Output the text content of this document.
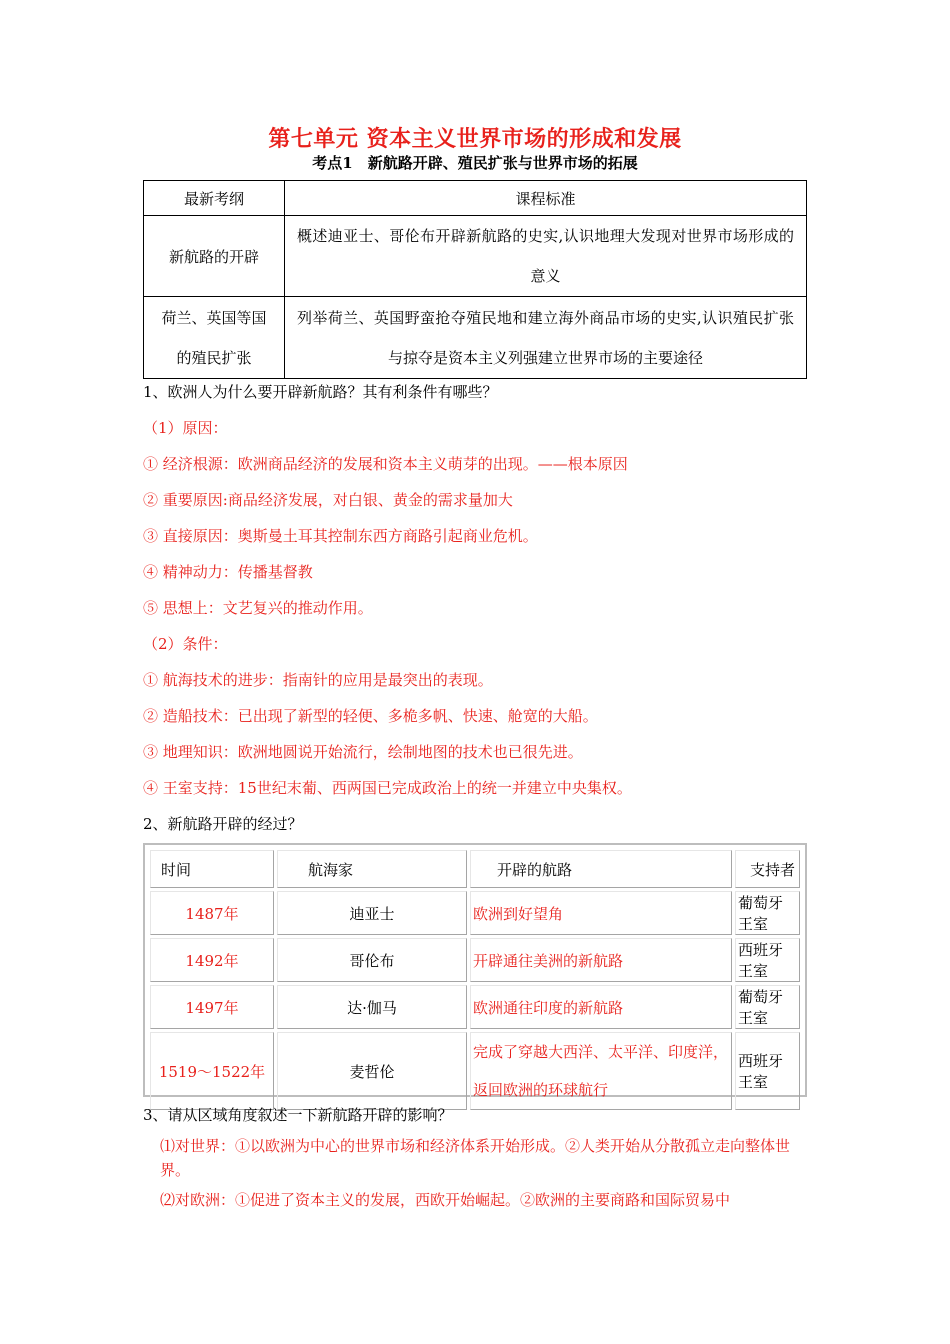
第七单元 资本主义世界市场的形成和发展
考点1　新航路开辟、殖民扩张与世界市场的拓展
最新考纲	课程标准
新航路的开辟	概述迪亚士、哥伦布开辟新航路的史实,认识地理大发现对世界市场形成的意义
荷兰、英国等国的殖民扩张	列举荷兰、英国野蛮抢夺殖民地和建立海外商品市场的史实,认识殖民扩张与掠夺是资本主义列强建立世界市场的主要途径
1、欧洲人为什么要开辟新航路？其有利条件有哪些？
（1）原因：
① 经济根源：欧洲商品经济的发展和资本主义萌芽的出现。——根本原因
② 重要原因:商品经济发展，对白银、黄金的需求量加大
③ 直接原因：奥斯曼土耳其控制东西方商路引起商业危机。
④ 精神动力：传播基督教
⑤ 思想上：文艺复兴的推动作用。
（2）条件：
① 航海技术的进步：指南针的应用是最突出的表现。
② 造船技术：已出现了新型的轻便、多桅多帆、快速、舱宽的大船。
③ 地理知识：欧洲地圆说开始流行，绘制地图的技术也已很先进。
④ 王室支持：15世纪末葡、西两国已完成政治上的统一并建立中央集权。
2、新航路开辟的经过？
时间	航海家	开辟的航路	支持者
1487年	迪亚士	欧洲到好望角	葡萄牙王室
1492年	哥伦布	开辟通往美洲的新航路	西班牙王室
1497年	达·伽马	欧洲通往印度的新航路	葡萄牙王室
1519～1522年	麦哲伦	完成了穿越大西洋、太平洋、印度洋，返回欧洲的环球航行	西班牙王室
3、请从区域角度叙述一下新航路开辟的影响？
⑴对世界：①以欧洲为中心的世界市场和经济体系开始形成。②人类开始从分散孤立走向整体世界。
⑵对欧洲：①促进了资本主义的发展，西欧开始崛起。②欧洲的主要商路和国际贸易中
